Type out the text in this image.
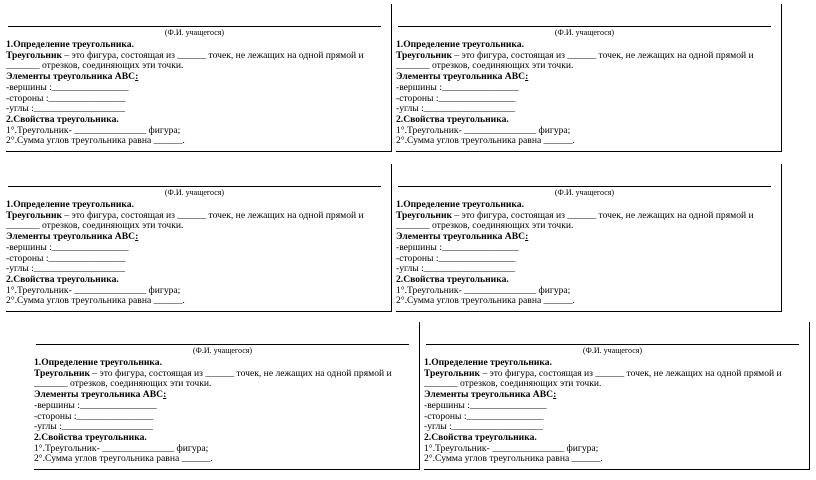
(Ф.И. учащегося)
1.Определение треугольника.
Треугольник – это фигура, состоящая из ______ точек, не лежащих на одной прямой и _______ отрезков, соединяющих эти точки.
Элементы треугольника АВС:
-вершины :________________
-стороны :________________
-углы :___________________
2.Свойства треугольника.
1°.Треугольник- _______________ фигура;
2°.Сумма углов треугольника равна ______.
(Ф.И. учащегося)
1.Определение треугольника.
Треугольник – это фигура, состоящая из ______ точек, не лежащих на одной прямой и _______ отрезков, соединяющих эти точки.
Элементы треугольника АВС:
-вершины :________________
-стороны :________________
-углы :___________________
2.Свойства треугольника.
1°.Треугольник- _______________ фигура;
2°.Сумма углов треугольника равна ______.
(Ф.И. учащегося)
1.Определение треугольника.
Треугольник – это фигура, состоящая из ______ точек, не лежащих на одной прямой и _______ отрезков, соединяющих эти точки.
Элементы треугольника АВС:
-вершины :________________
-стороны :________________
-углы :___________________
2.Свойства треугольника.
1°.Треугольник- _______________ фигура;
2°.Сумма углов треугольника равна ______.
(Ф.И. учащегося)
1.Определение треугольника.
Треугольник – это фигура, состоящая из ______ точек, не лежащих на одной прямой и _______ отрезков, соединяющих эти точки.
Элементы треугольника АВС:
-вершины :________________
-стороны :________________
-углы :___________________
2.Свойства треугольника.
1°.Треугольник- _______________ фигура;
2°.Сумма углов треугольника равна ______.
(Ф.И. учащегося)
1.Определение треугольника.
Треугольник – это фигура, состоящая из ______ точек, не лежащих на одной прямой и _______ отрезков, соединяющих эти точки.
Элементы треугольника АВС:
-вершины :________________
-стороны :________________
-углы :___________________
2.Свойства треугольника.
1°.Треугольник- _______________ фигура;
2°.Сумма углов треугольника равна ______.
(Ф.И. учащегося)
1.Определение треугольника.
Треугольник – это фигура, состоящая из ______ точек, не лежащих на одной прямой и _______ отрезков, соединяющих эти точки.
Элементы треугольника АВС:
-вершины :________________
-стороны :________________
-углы :___________________
2.Свойства треугольника.
1°.Треугольник- _______________ фигура;
2°.Сумма углов треугольника равна ______.
